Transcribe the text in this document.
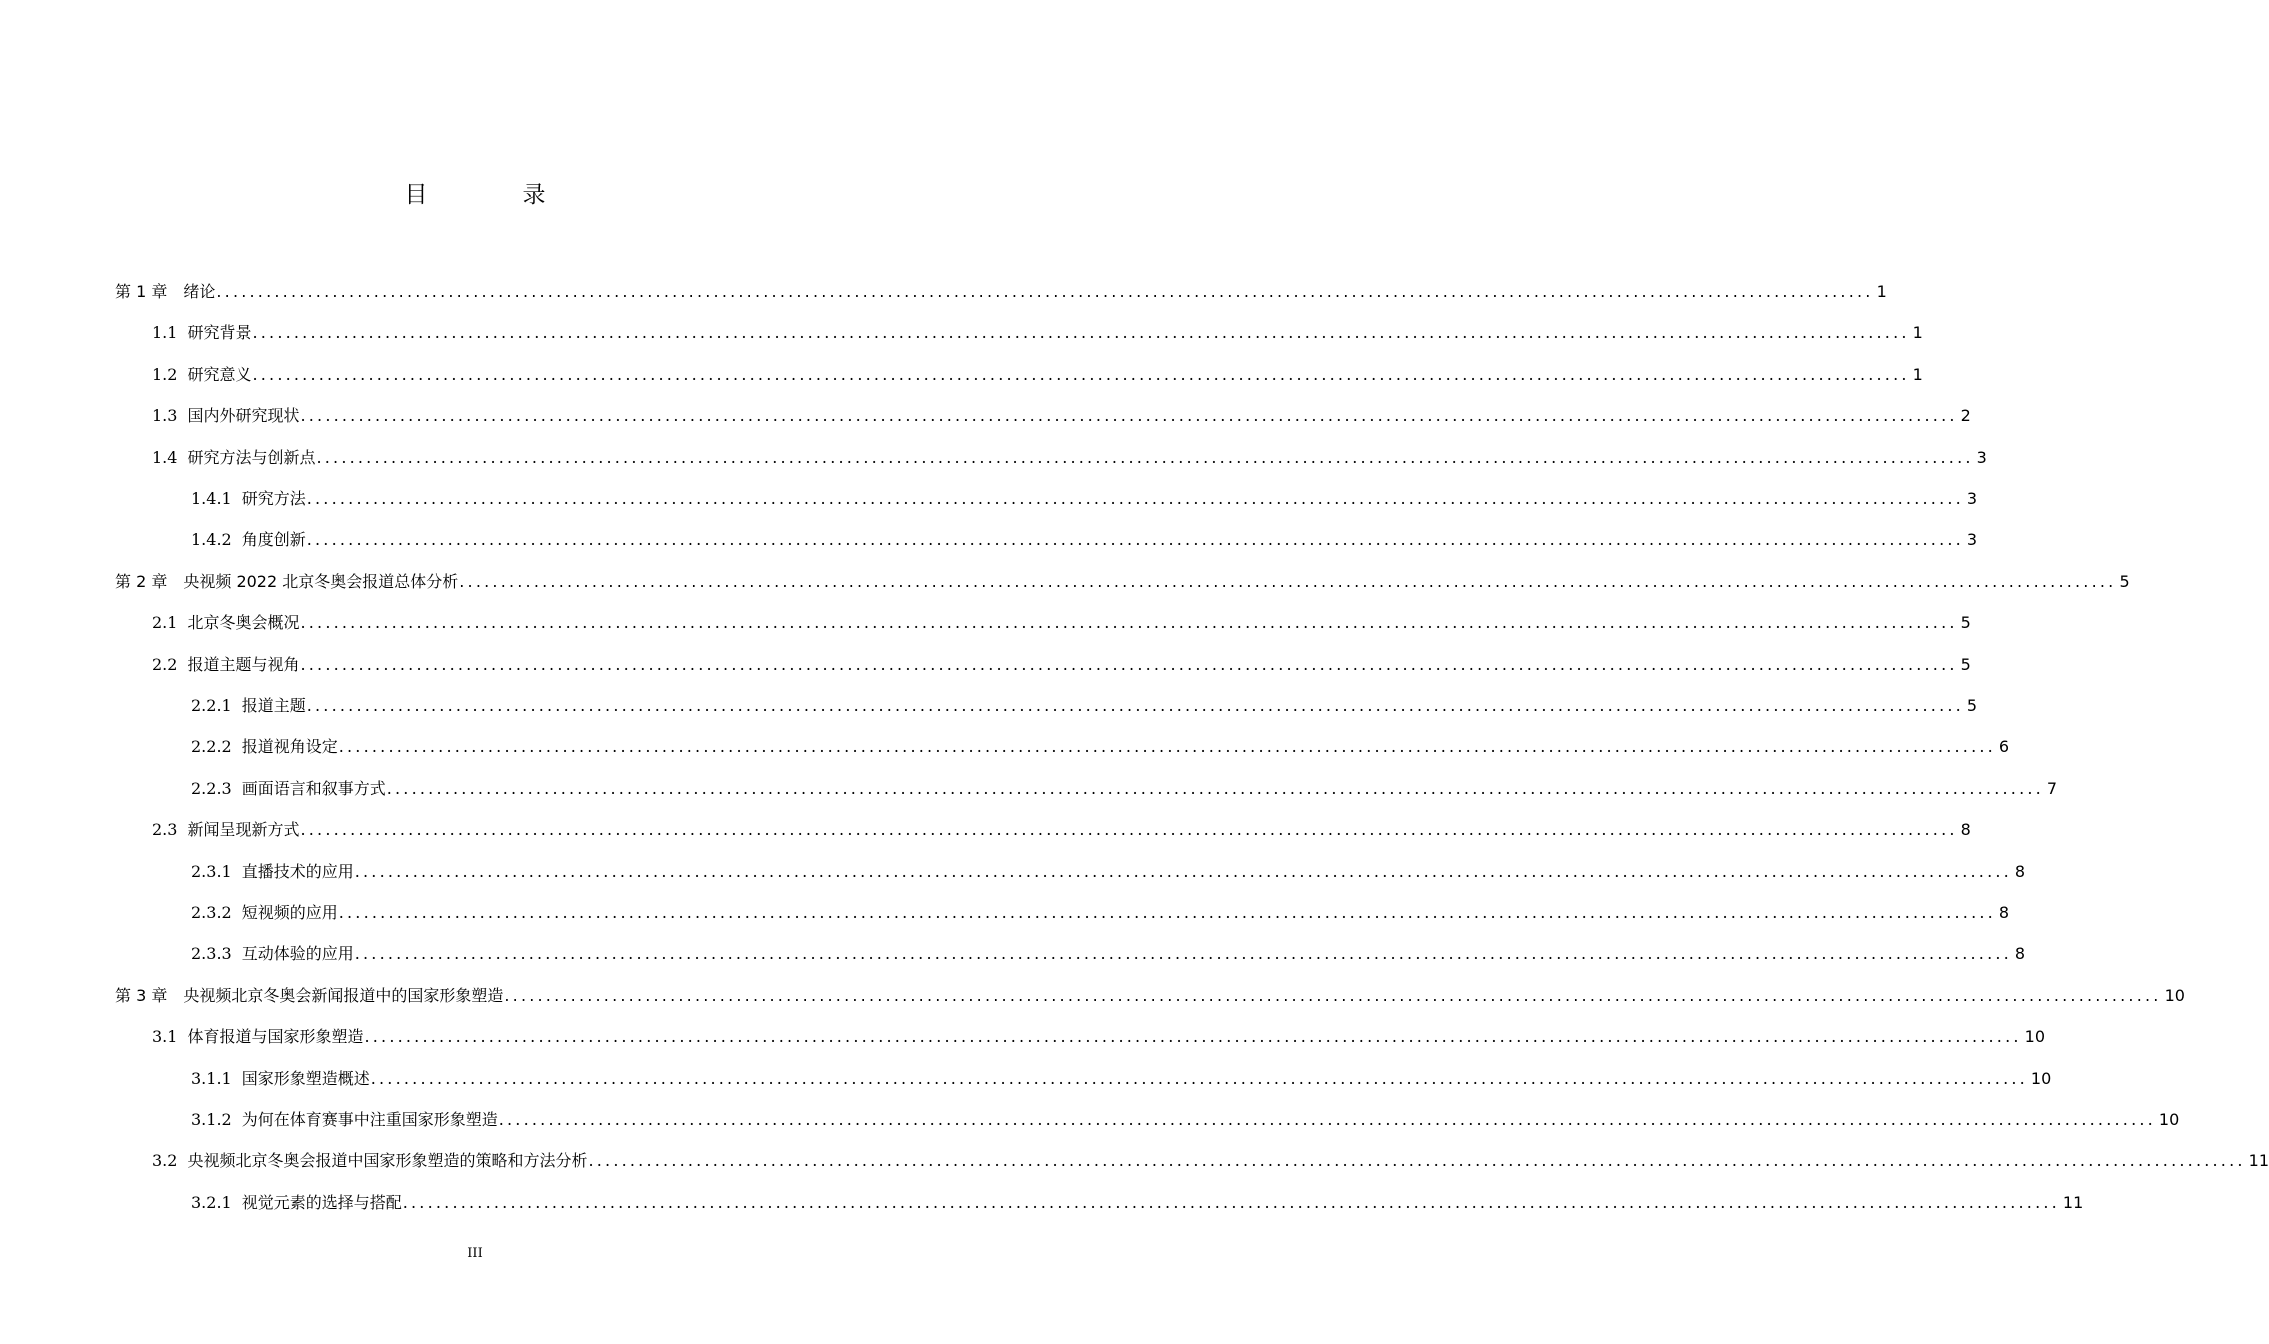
目　录
第 1 章 绪论 ........................................................................................................................................................................................................ 1
1.1 研究背景 ........................................................................................................................................................................................................ 1
1.2 研究意义 ........................................................................................................................................................................................................ 1
1.3 国内外研究现状 ........................................................................................................................................................................................................ 2
1.4 研究方法与创新点 ........................................................................................................................................................................................................ 3
1.4.1 研究方法 ........................................................................................................................................................................................................ 3
1.4.2 角度创新 ........................................................................................................................................................................................................ 3
第 2 章 央视频 2022 北京冬奥会报道总体分析 ........................................................................................................................................................................................................ 5
2.1 北京冬奥会概况 ........................................................................................................................................................................................................ 5
2.2 报道主题与视角 ........................................................................................................................................................................................................ 5
2.2.1 报道主题 ........................................................................................................................................................................................................ 5
2.2.2 报道视角设定 ........................................................................................................................................................................................................ 6
2.2.3 画面语言和叙事方式 ........................................................................................................................................................................................................ 7
2.3 新闻呈现新方式 ........................................................................................................................................................................................................ 8
2.3.1 直播技术的应用 ........................................................................................................................................................................................................ 8
2.3.2 短视频的应用 ........................................................................................................................................................................................................ 8
2.3.3 互动体验的应用 ........................................................................................................................................................................................................ 8
第 3 章 央视频北京冬奥会新闻报道中的国家形象塑造 ........................................................................................................................................................................................................ 10
3.1 体育报道与国家形象塑造 ........................................................................................................................................................................................................ 10
3.1.1 国家形象塑造概述 ........................................................................................................................................................................................................ 10
3.1.2 为何在体育赛事中注重国家形象塑造 ........................................................................................................................................................................................................ 10
3.2 央视频北京冬奥会报道中国家形象塑造的策略和方法分析 ........................................................................................................................................................................................................ 11
3.2.1 视觉元素的选择与搭配 ........................................................................................................................................................................................................ 11
III
